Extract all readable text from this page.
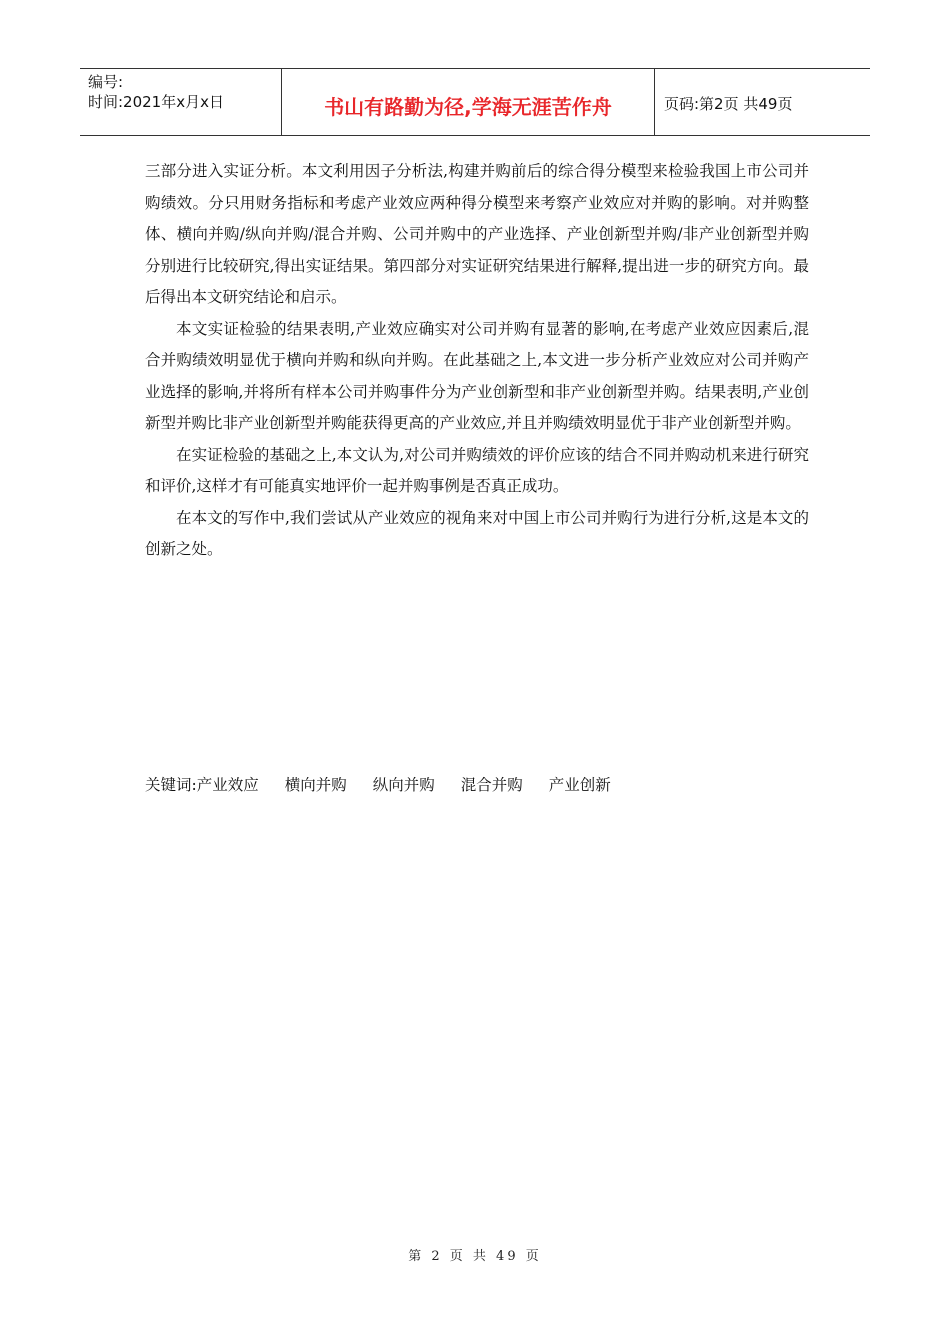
编号:
时间:2021年x月x日	书山有路勤为径,学海无涯苦作舟	页码:第2页 共49页

三部分进入实证分析。本文利用因子分析法,构建并购前后的综合得分模型来检验我国上市公司并购绩效。分只用财务指标和考虑产业效应两种得分模型来考察产业效应对并购的影响。对并购整体、横向并购/纵向并购/混合并购、公司并购中的产业选择、产业创新型并购/非产业创新型并购分别进行比较研究,得出实证结果。第四部分对实证研究结果进行解释,提出进一步的研究方向。最后得出本文研究结论和启示。

本文实证检验的结果表明,产业效应确实对公司并购有显著的影响,在考虑产业效应因素后,混合并购绩效明显优于横向并购和纵向并购。在此基础之上,本文进一步分析产业效应对公司并购产业选择的影响,并将所有样本公司并购事件分为产业创新型和非产业创新型并购。结果表明,产业创新型并购比非产业创新型并购能获得更高的产业效应,并且并购绩效明显优于非产业创新型并购。

在实证检验的基础之上,本文认为,对公司并购绩效的评价应该的结合不同并购动机来进行研究和评价,这样才有可能真实地评价一起并购事例是否真正成功。

在本文的写作中,我们尝试从产业效应的视角来对中国上市公司并购行为进行分析,这是本文的创新之处。

关键词: 产业效应 横向并购 纵向并购 混合并购 产业创新
第 2 页 共 49 页
